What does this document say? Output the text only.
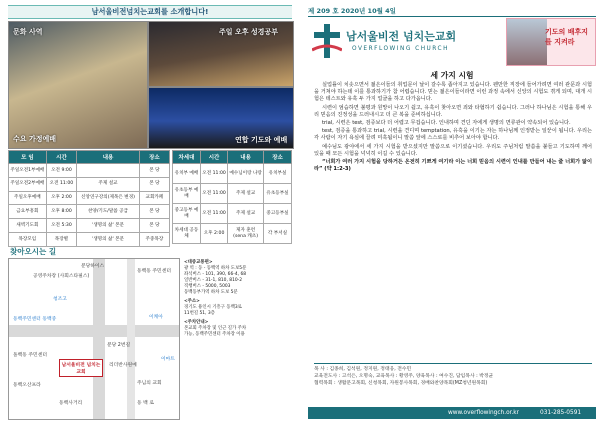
남서울비전넘치는교회를 소개합니다!
문화 사역
수요 가정예배
주일 오후 성경공부
연합 기도와 예배
모 임	시간	내용	장소
주일오전1부예배	오전 9:00		본 당
주일오전2부예배	오전 11:00	주제 설교	본 당
주일오후예배	오후 2:00	신앙연구강의(제목은 변경)	교회카페
금요부흥회	오후 8:00	찬양/기도/말씀 공급	본 당
새벽기도회	오전 5:30	'생명의 삶' 본문	본 당
목장모임	목장별	'생명의 삶' 본문	주중목장
차세대	시간	내용	장소
유치부 예배	오전 11:00	예수님이랑 나랑	유치부실
유초등부 예배	오전 11:00	주제 설교	유초등부실
중고등부 예배	오전 11:00	주제 설교	중고등부실
차세대 공동체	오후 2:00	제자 훈련 (sena 캐츠)	각 부서실
찾아오시는 길
분당하이스
공영주차장 (사회스타필스)
동백동 주민센터
청조고
동백주민센터 동백중
분당 2번길
남서울비전 넘치는교회
리더반사원예
돌백동 주민센터
동백오산프라
동백사거리	동 백 로
이케아
주님의 교회
이마트
<대중교통편>
광 역 : 동 - 동백역 하차 도보5분
좌석버스 - 101, 390, 66-4, 68
일반버스 - 31-1, 810, 810-2
직행버스 - 5000, 5003
동백동부가역 하차 도보 5분
<주소>
경기도 용인시 기흥구 동백3로
11번길 51, 3층
<주차안내>
본교회 주차장 및 인근 길가 주차
가능, 동백주민센터 주차장 이용
제 209 호 2020년 10월 4일
남서울비전 넘치는교회
OVERFLOWING CHURCH
기도의 배후지를 지켜라
세 가지 시험

실업률이 치솟으면서 젊은이들의 취업문이 날이 갈수록 좁아지고 있습니다. 웬만한 직장에 들어가려면 여러 관문과 시험을 거쳐야 하는데 이를 통과하기가 참 어렵습니다. 믿는 젊은이들이라면 이런 과정 속에서 신앙의 시험도 겪게 되며, 대개 시험은 테스트와 유혹 두 가지 얼굴을 하고 다가옵니다.

시련이 엄습하면 불평과 원망이 나오기 쉽고, 유혹이 찾아오면 죄와 타협하기 쉽습니다. 그러나 하나님은 시험을 통해 우리 믿음의 진정성을 드러내시고 더 큰 복을 준비하십니다.

trial, 시련은 test, 검증보다 더 어렵고 무겁습니다. 인내하며 견딘 자에게 생명의 면류관이 약속되어 있습니다.

test, 검증을 통과하고 trial, 시련을 견디며 temptation, 유혹을 이기는 자는 하나님께 인정받는 일꾼이 됩니다. 우리는 각 사람이 자기 욕심에 끌려 미혹됨이니 말씀 앞에 스스로를 비추어 보아야 합니다.

예수님도 광야에서 세 가지 시험을 받으셨지만 말씀으로 이기셨습니다. 우리도 주님처럼 말씀을 붙들고 기도하며 깨어 있을 때 모든 시험을 넉넉히 이길 수 있습니다.

“너희가 여러 가지 시험을 당하거든 온전히 기쁘게 여기라 이는 너희 믿음의 시련이 인내를 만들어 내는 줄 너희가 앎이라” (약 1:2-3)

목 사 : 김종희, 김석원, 정지원, 정태웅, 전수민
교육전도사 : 고석은, 오명숙, 교육목사 : 황영주, 양육목사 : 여수진, 담임목사 : 박정균
협력목회 : 생활문고목회, 신청목회, 자원봉사목회, 경배와찬양목회(MZ청년원목회)
www.overflowingch.or.kr	031-285-0591
